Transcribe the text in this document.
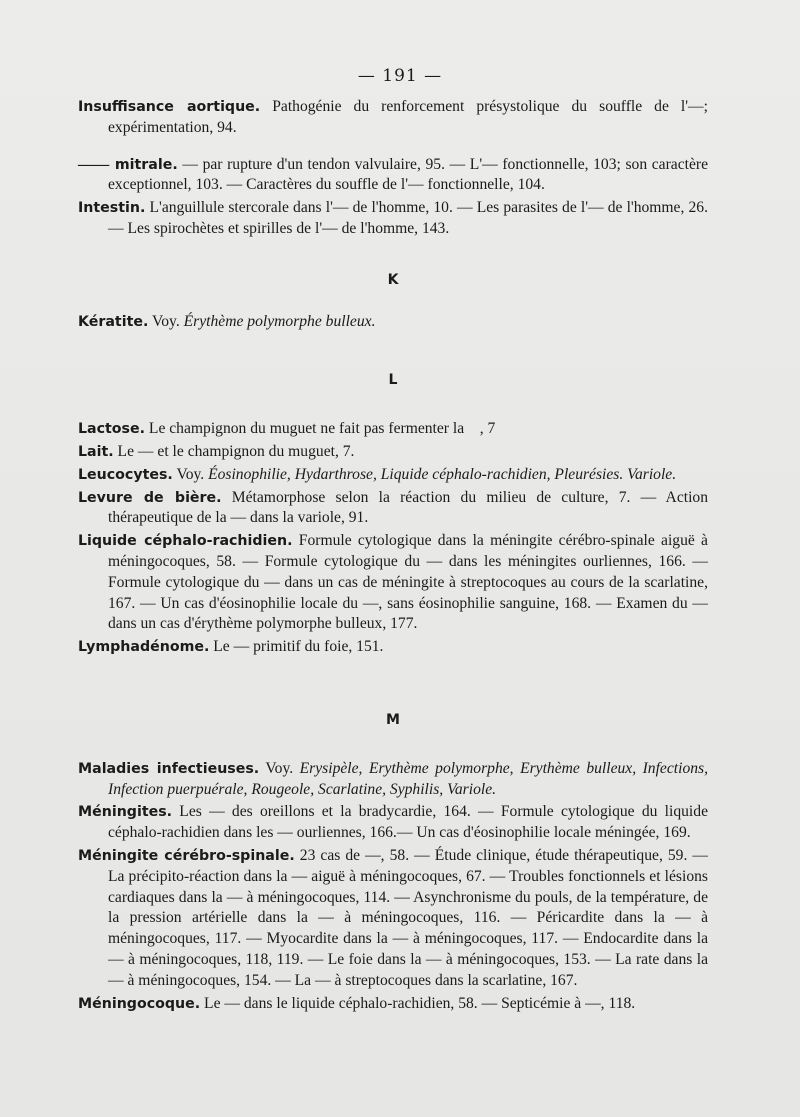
— 191 —

Insuffisance aortique. Pathogénie du renforcement présystolique du souffle de l'—; expérimentation, 94.

—— mitrale. — par rupture d'un tendon valvulaire, 95. — L'— fonctionnelle, 103; son caractère exceptionnel, 103. — Caractères du souffle de l'— fonctionnelle, 104.

Intestin. L'anguillule stercorale dans l'— de l'homme, 10. — Les parasites de l'— de l'homme, 26. — Les spirochètes et spirilles de l'— de l'homme, 143.

K

Kératite. Voy. Érythème polymorphe bulleux.

L

Lactose. Le champignon du muguet ne fait pas fermenter la    , 7

Lait. Le — et le champignon du muguet, 7.

Leucocytes. Voy. Éosinophilie, Hydarthrose, Liquide céphalo-rachidien, Pleurésies. Variole.

Levure de bière. Métamorphose selon la réaction du milieu de culture, 7. — Action thérapeutique de la — dans la variole, 91.

Liquide céphalo-rachidien. Formule cytologique dans la méningite cérébro-spinale aiguë à méningocoques, 58. — Formule cytologique du — dans les méningites ourliennes, 166. — Formule cytologique du — dans un cas de méningite à streptocoques au cours de la scarlatine, 167. — Un cas d'éosinophilie locale du —, sans éosinophilie sanguine, 168. — Examen du — dans un cas d'érythème polymorphe bulleux, 177.

Lymphadénome. Le — primitif du foie, 151.

M

Maladies infectieuses. Voy. Erysipèle, Erythème polymorphe, Erythème bulleux, Infections, Infection puerpuérale, Rougeole, Scarlatine, Syphilis, Variole.

Méningites. Les — des oreillons et la bradycardie, 164. — Formule cytologique du liquide céphalo-rachidien dans les — ourliennes, 166.— Un cas d'éosinophilie locale méningée, 169.

Méningite cérébro-spinale. 23 cas de —, 58. — Étude clinique, étude thérapeutique, 59. — La précipito-réaction dans la — aiguë à méningocoques, 67. — Troubles fonctionnels et lésions cardiaques dans la — à méningocoques, 114. — Asynchronisme du pouls, de la température, de la pression artérielle dans la — à méningocoques, 116. — Péricardite dans la — à méningocoques, 117. — Myocardite dans la — à méningocoques, 117. — Endocardite dans la — à méningocoques, 118, 119. — Le foie dans la — à méningocoques, 153. — La rate dans la — à méningocoques, 154. — La — à streptocoques dans la scarlatine, 167.

Méningocoque. Le — dans le liquide céphalo-rachidien, 58. — Septicémie à —, 118.
